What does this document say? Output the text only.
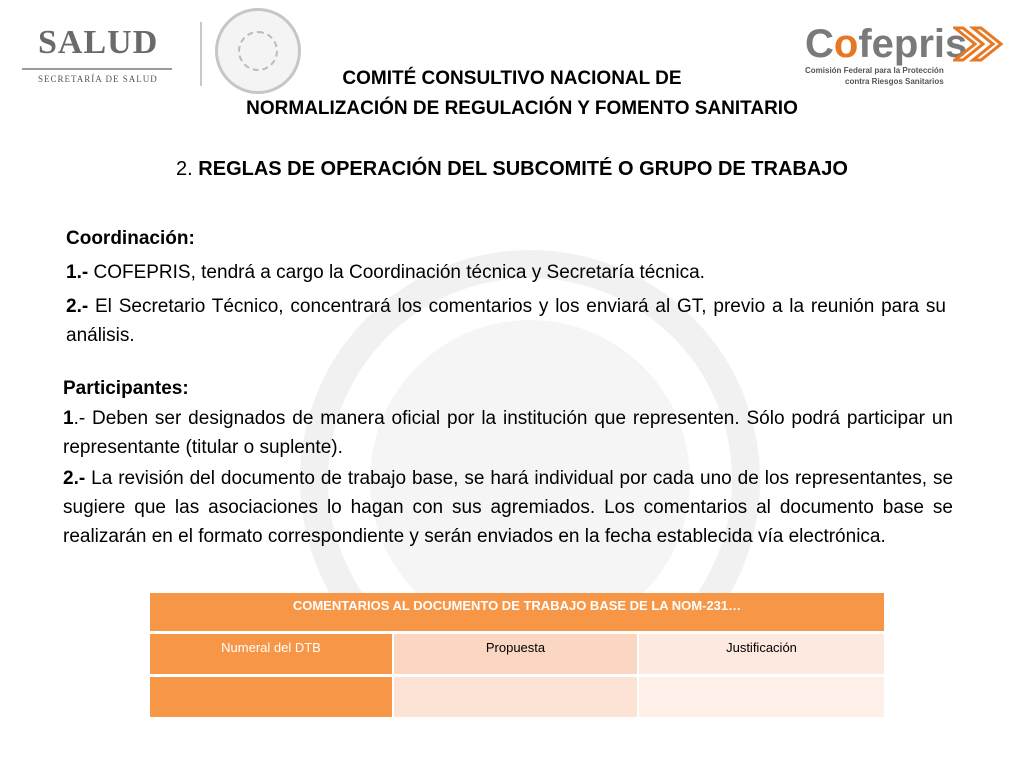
SALUD
SECRETARÍA DE SALUD
Cofepris
Comisión Federal para la Protección
contra Riesgos Sanitarios
COMITÉ CONSULTIVO NACIONAL DE
NORMALIZACIÓN DE REGULACIÓN Y FOMENTO SANITARIO
2. REGLAS DE OPERACIÓN DEL SUBCOMITÉ O GRUPO DE TRABAJO
Coordinación:

1.- COFEPRIS, tendrá a cargo la Coordinación técnica y Secretaría técnica.

2.- El Secretario Técnico, concentrará los comentarios y los enviará al GT, previo a la reunión para su análisis.

Participantes:

1.- Deben ser designados de manera oficial por la institución que representen. Sólo podrá participar un representante (titular o suplente).

2.- La revisión del documento de trabajo base, se hará individual por cada uno de los representantes, se sugiere que las asociaciones lo hagan con sus agremiados. Los comentarios al documento base se realizarán en el formato correspondiente y serán enviados en la fecha establecida vía electrónica.

COMENTARIOS AL DOCUMENTO DE TRABAJO BASE DE LA NOM-231…
Numeral del DTB	Propuesta	Justificación
